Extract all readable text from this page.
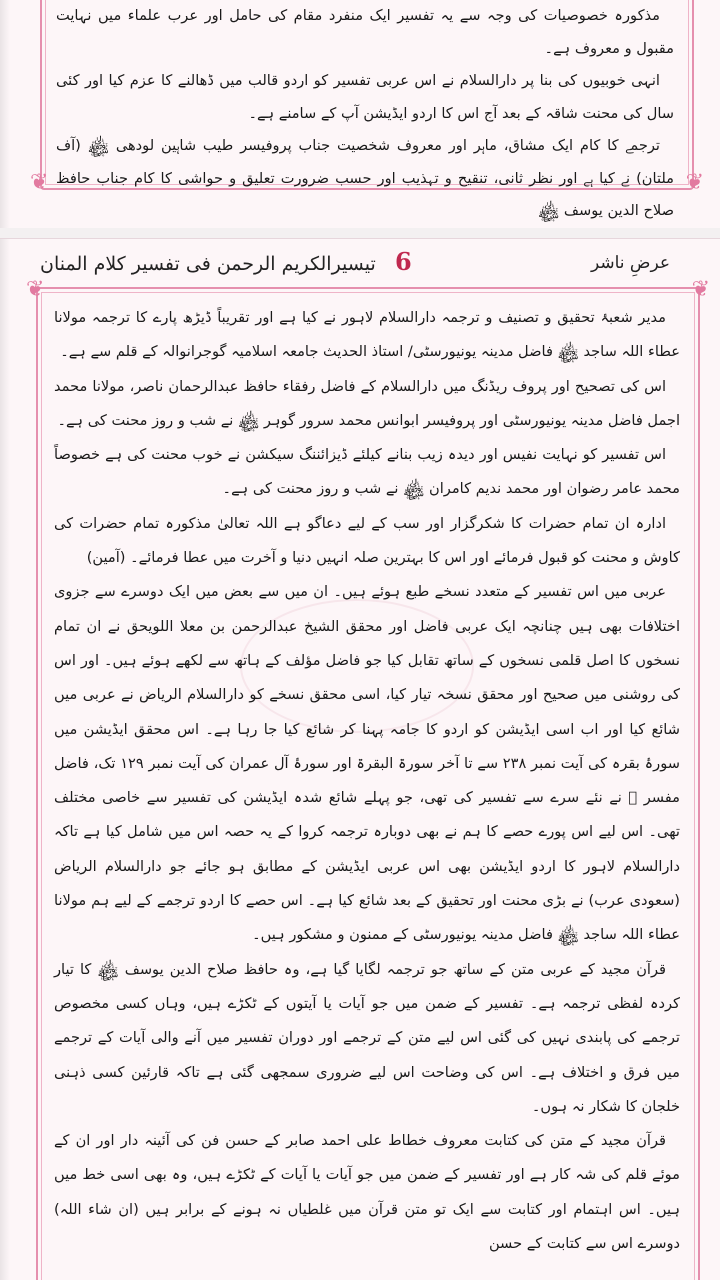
❦	❦

مذکورہ خصوصیات کی وجہ سے یہ تفسیر ایک منفرد مقام کی حامل اور عرب علماء میں نہایت مقبول و معروف ہے۔

انہی خوبیوں کی بنا پر دارالسلام نے اس عربی تفسیر کو اردو قالب میں ڈھالنے کا عزم کیا اور کئی سال کی محنت شاقہ کے بعد آج اس کا اردو ایڈیشن آپ کے سامنے ہے۔

ترجمے کا کام ایک مشاق، ماہر اور معروف شخصیت جناب پروفیسر طیب شاہین لودھی ﷾ (آف ملتان) نے کیا ہے اور نظر ثانی، تنقیح و تہذیب اور حسب ضرورت تعلیق و حواشی کا کام جناب حافظ صلاح الدین یوسف ﷾

عرضِ ناشر
6
تیسیرالکریم الرحمن فی تفسیر کلام المنان
❦	❦

مدیر شعبۂ تحقیق و تصنیف و ترجمہ دارالسلام لاہور نے کیا ہے اور تقریباً ڈیڑھ پارے کا ترجمہ مولانا عطاء اللہ ساجد ﷾ فاضل مدینہ یونیورسٹی/ استاذ الحدیث جامعہ اسلامیہ گوجرانوالہ کے قلم سے ہے۔

اس کی تصحیح اور پروف ریڈنگ میں دارالسلام کے فاضل رفقاء حافظ عبدالرحمان ناصر، مولانا محمد اجمل فاضل مدینہ یونیورسٹی اور پروفیسر ابوانس محمد سرور گوہر ﷾ نے شب و روز محنت کی ہے۔

اس تفسیر کو نہایت نفیس اور دیدہ زیب بنانے کیلئے ڈیزائننگ سیکشن نے خوب محنت کی ہے خصوصاً محمد عامر رضوان اور محمد ندیم کامران ﷾ نے شب و روز محنت کی ہے۔

ادارہ ان تمام حضرات کا شکرگزار اور سب کے لیے دعاگو ہے اللہ تعالیٰ مذکورہ تمام حضرات کی کاوش و محنت کو قبول فرمائے اور اس کا بہترین صلہ انہیں دنیا و آخرت میں عطا فرمائے۔ (آمین)

عربی میں اس تفسیر کے متعدد نسخے طبع ہوئے ہیں۔ ان میں سے بعض میں ایک دوسرے سے جزوی اختلافات بھی ہیں چنانچہ ایک عربی فاضل اور محقق الشیخ عبدالرحمن بن معلا اللویحق نے ان تمام نسخوں کا اصل قلمی نسخوں کے ساتھ تقابل کیا جو فاضل مؤلف کے ہاتھ سے لکھے ہوئے ہیں۔ اور اس کی روشنی میں صحیح اور محقق نسخہ تیار کیا، اسی محقق نسخے کو دارالسلام الریاض نے عربی میں شائع کیا اور اب اسی ایڈیشن کو اردو کا جامہ پہنا کر شائع کیا جا رہا ہے۔ اس محقق ایڈیشن میں سورۂ بقرہ کی آیت نمبر ۲۳۸ سے تا آخر سورۃ البقرۃ اور سورۂ آل عمران کی آیت نمبر ۱۲۹ تک، فاضل مفسر ﷫ نے نئے سرے سے تفسیر کی تھی، جو پہلے شائع شدہ ایڈیشن کی تفسیر سے خاصی مختلف تھی۔ اس لیے اس پورے حصے کا ہم نے بھی دوبارہ ترجمہ کروا کے یہ حصہ اس میں شامل کیا ہے تاکہ دارالسلام لاہور کا اردو ایڈیشن بھی اس عربی ایڈیشن کے مطابق ہو جائے جو دارالسلام الریاض (سعودی عرب) نے بڑی محنت اور تحقیق کے بعد شائع کیا ہے۔ اس حصے کا اردو ترجمے کے لیے ہم مولانا عطاء اللہ ساجد ﷾ فاضل مدینہ یونیورسٹی کے ممنون و مشکور ہیں۔

قرآن مجید کے عربی متن کے ساتھ جو ترجمہ لگایا گیا ہے، وہ حافظ صلاح الدین یوسف ﷾ کا تیار کردہ لفظی ترجمہ ہے۔ تفسیر کے ضمن میں جو آیات یا آیتوں کے ٹکڑے ہیں، وہاں کسی مخصوص ترجمے کی پابندی نہیں کی گئی اس لیے متن کے ترجمے اور دوران تفسیر میں آنے والی آیات کے ترجمے میں فرق و اختلاف ہے۔ اس کی وضاحت اس لیے ضروری سمجھی گئی ہے تاکہ قارئین کسی ذہنی خلجان کا شکار نہ ہوں۔

قرآن مجید کے متن کی کتابت معروف خطاط علی احمد صابر کے حسن فن کی آئینہ دار اور ان کے موئے قلم کی شہ کار ہے اور تفسیر کے ضمن میں جو آیات یا آیات کے ٹکڑے ہیں، وہ بھی اسی خط میں ہیں۔ اس اہتمام اور کتابت سے ایک تو متن قرآن میں غلطیاں نہ ہونے کے برابر ہیں (ان شاء اللہ) دوسرے اس سے کتابت کے حسن
